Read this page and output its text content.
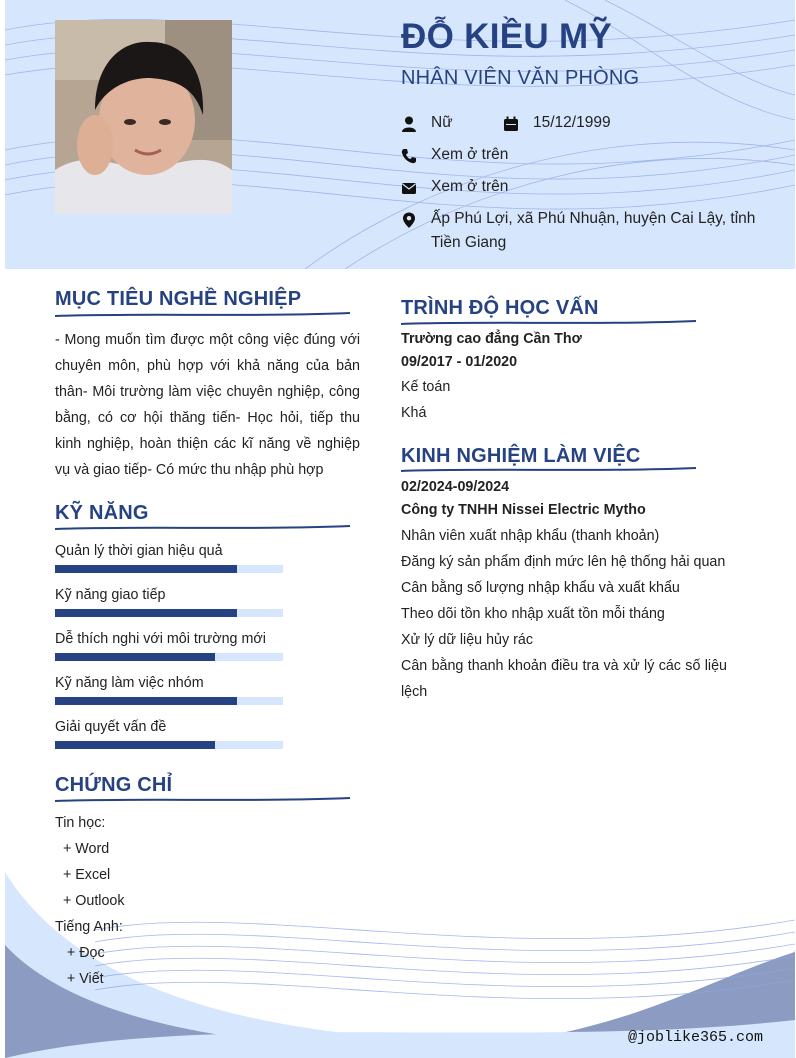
ĐỖ KIỀU MỸ
NHÂN VIÊN VĂN PHÒNG
Nữ	15/12/1999
Xem ở trên
Xem ở trên
Ấp Phú Lợi, xã Phú Nhuận, huyện Cai Lậy, tỉnh Tiền Giang
MỤC TIÊU NGHỀ NGHIỆP
- Mong muốn tìm được một công việc đúng với chuyên môn, phù hợp với khả năng của bản thân- Môi trường làm việc chuyên nghiệp, công bằng, có cơ hội thăng tiến- Học hỏi, tiếp thu kinh nghiệp, hoàn thiện các kĩ năng về nghiệp vụ và giao tiếp- Có mức thu nhập phù hợp
KỸ NĂNG
Quản lý thời gian hiệu quả
Kỹ năng giao tiếp
Dễ thích nghi với môi trường mới
Kỹ năng làm việc nhóm
Giải quyết vấn đề
CHỨNG CHỈ
TRÌNH ĐỘ HỌC VẤN
Trường cao đẳng Cần Thơ
09/2017 - 01/2020
Kế toán
Khá
KINH NGHIỆM LÀM VIỆC
02/2024-09/2024
Công ty TNHH Nissei Electric Mytho
@joblike365.com
Tin học:
+ Word
+ Excel
+ Outlook
Tiếng Anh:
+ Đọc
+ Viết
Nhân viên xuất nhập khẩu (thanh khoản)
Đăng ký sản phẩm định mức lên hệ thống hải quan
Cân bằng số lượng nhập khẩu và xuất khẩu
Theo dõi tồn kho nhập xuất tồn mỗi tháng
Xử lý dữ liệu hủy rác
Cân bằng thanh khoản điều tra và xử lý các số liệu lệch
